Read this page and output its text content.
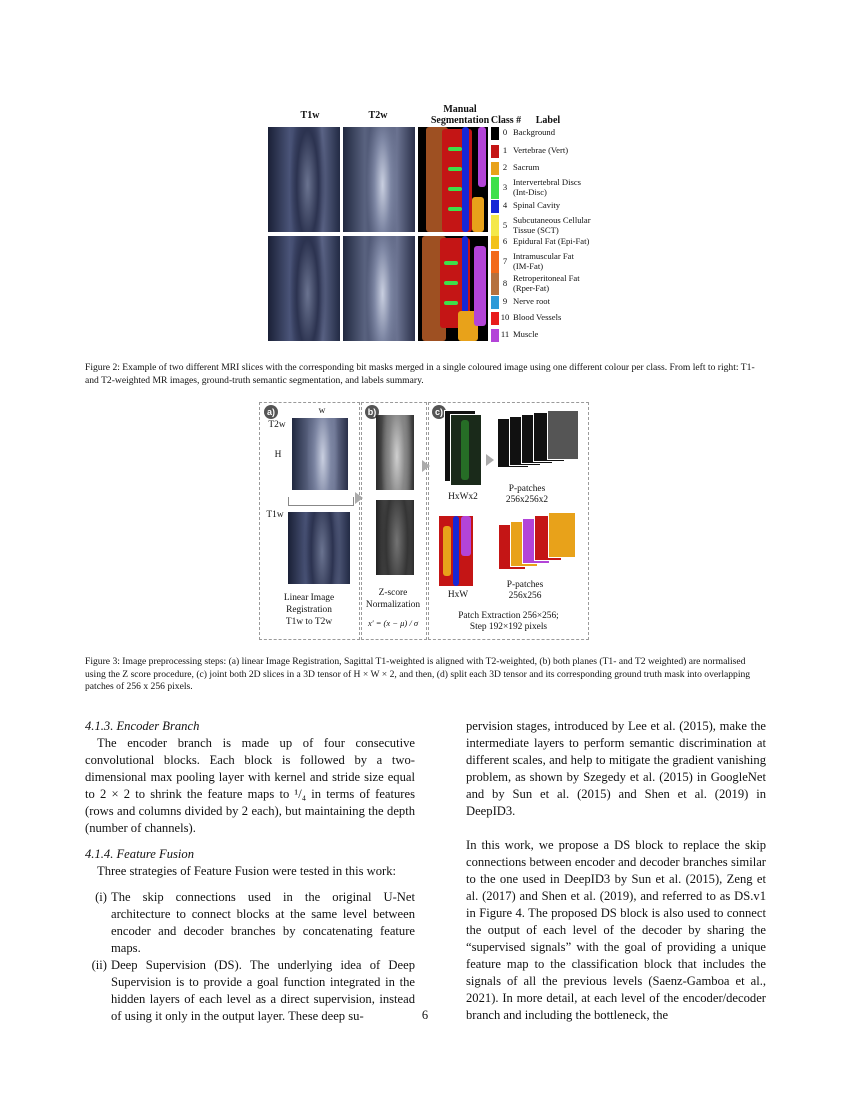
T1w	T2w
Manual
Segmentation Class #	Label
0 Background
1 Vertebrae (Vert)
2 Sacrum
3 Intervertebral Discs
(Int-Disc)
4 Spinal Cavity
5 Subcutaneous Cellular
Tissue (SCT)
6 Epidural Fat (Epi-Fat)
7 Intramuscular Fat
(IM-Fat)
8 Retroperitoneal Fat
(Rper-Fat)
9 Nerve root
10 Blood Vessels
11 Muscle
Figure 2: Example of two different MRI slices with the corresponding bit masks merged in a single coloured image using one different colour per class. From left to right: T1- and T2-weighted MR images, ground-truth semantic segmentation, and labels summary.
a)	w
T2w
H
T1w
Linear Image
Registration
T1w to T2w
b)
Z-score
Normalization
x′ = (x − μ) / σ
c)
HxWx2
P-patches
256x256x2
HxW
P-patches
256x256
Patch Extraction 256×256;
Step 192×192 pixels
Figure 3: Image preprocessing steps: (a) linear Image Registration, Sagittal T1-weighted is aligned with T2-weighted, (b) both planes (T1- and T2 weighted) are normalised using the Z score procedure, (c) joint both 2D slices in a 3D tensor of H × W × 2, and then, (d) split each 3D tensor and its corresponding ground truth mask into overlapping patches of 256 x 256 pixels.

4.1.3. Encoder Branch

The encoder branch is made up of four consecutive convolutional blocks. Each block is followed by a two-dimensional max pooling layer with kernel and stride size equal to 2 × 2 to shrink the feature maps to ¹/₄ in terms of features (rows and columns divided by 2 each), but maintaining the depth (number of channels).

4.1.4. Feature Fusion

Three strategies of Feature Fusion were tested in this work:

(i) The skip connections used in the original U-Net architecture to connect blocks at the same level between encoder and decoder branches by concatenating feature maps.

(ii) Deep Supervision (DS). The underlying idea of Deep Supervision is to provide a goal function integrated in the hidden layers of each level as a direct supervision, instead of using it only in the output layer. These deep su-

pervision stages, introduced by Lee et al. (2015), make the intermediate layers to perform semantic discrimination at different scales, and help to mitigate the gradient vanishing problem, as shown by Szegedy et al. (2015) in GoogleNet and by Sun et al. (2015) and Shen et al. (2019) in DeepID3.

In this work, we propose a DS block to replace the skip connections between encoder and decoder branches similar to the one used in DeepID3 by Sun et al. (2015), Zeng et al. (2017) and Shen et al. (2019), and referred to as DS.v1 in Figure 4. The proposed DS block is also used to connect the output of each level of the decoder by sharing the “supervised signals” with the goal of providing a unique feature map to the classification block that includes the signals of all the previous levels (Saenz-Gamboa et al., 2021). In more detail, at each level of the encoder/decoder branch and including the bottleneck, the

6
